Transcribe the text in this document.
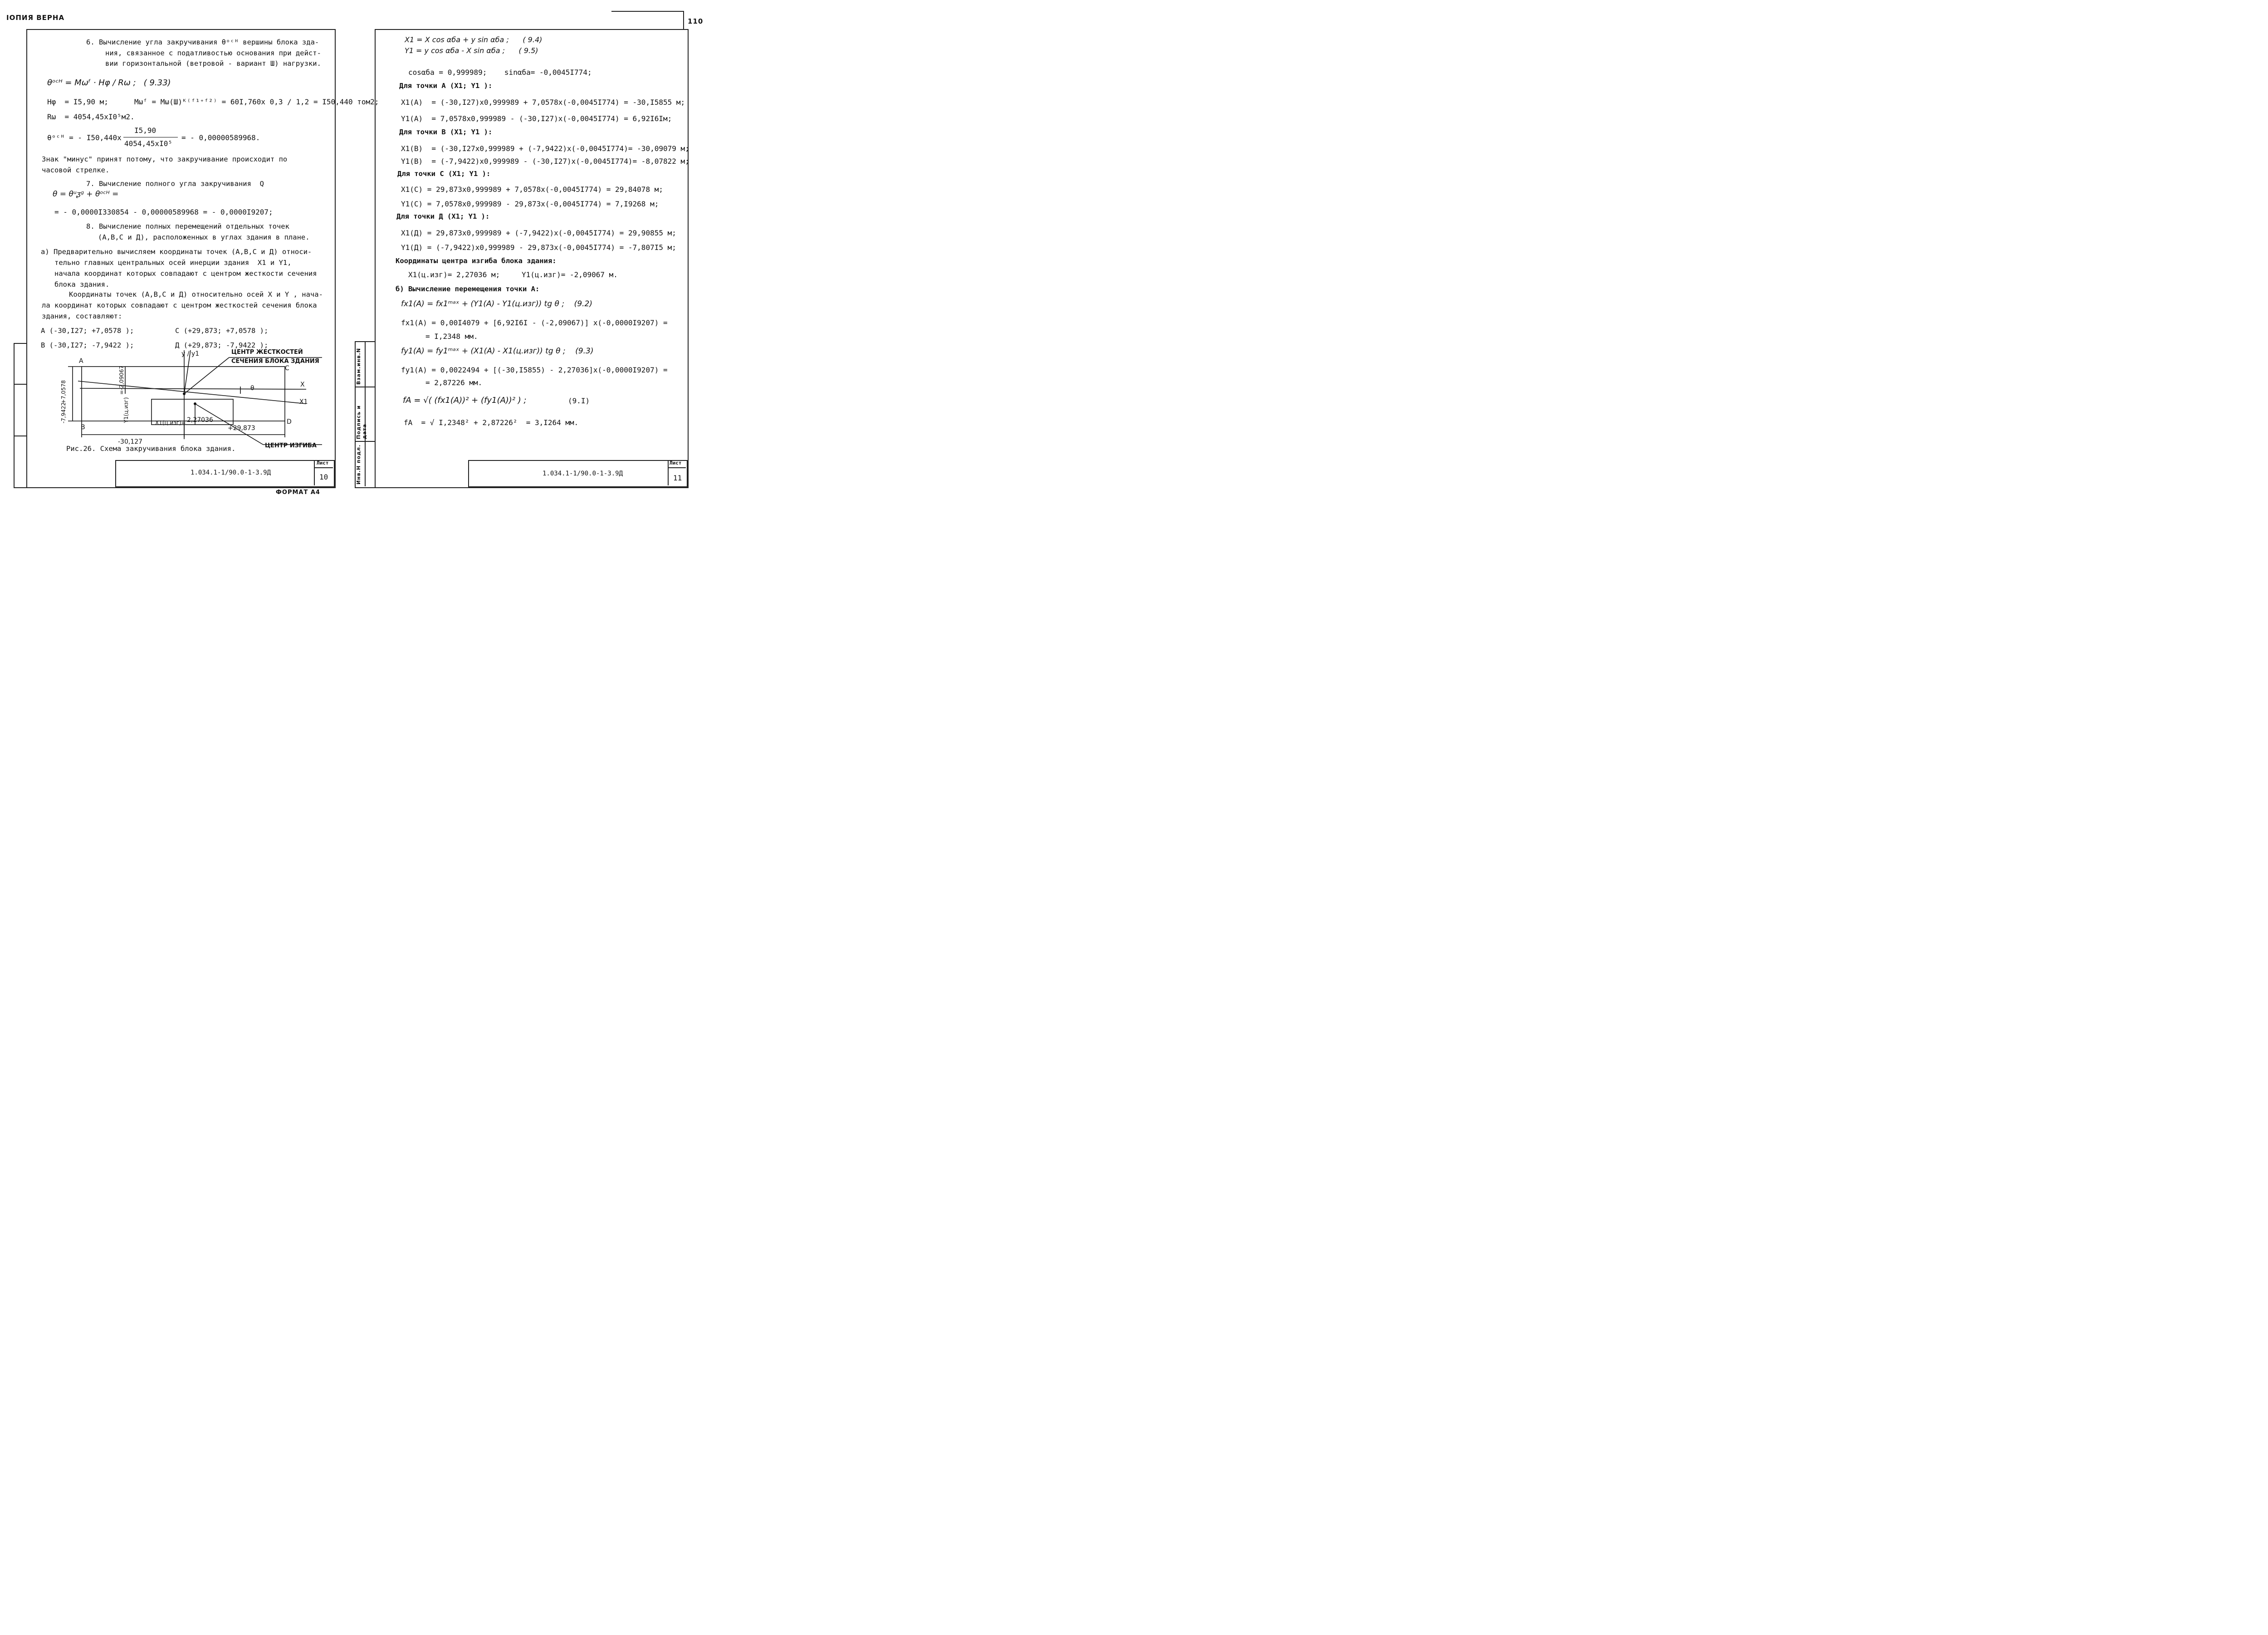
ІОПИЯ ВЕРНА	110
6. Вычисление угла закручивания θᵒᶜᴴ вершины блока зда-
ния, связанное с податливостью основания при дейст-
вии горизонтальной (ветровой - вариант Ш) нагрузки.
θᵒᶜᴴ = Mωᶠ · Hφ / Rω ;   ( 9.33)
Hφ  = I5,90 м;	Mωᶠ = Mω(Ш)ᴷ⁽ᶠ¹⁺ᶠ²⁾ = 60I,760x 0,3 / 1,2 = I50,440 том2;
Rω  = 4054,45xI0⁵м2.
θᵒᶜᴴ = - I50,440x
I5,90
4054,45xI0⁵
= - 0,00000589968.
Знак "минус" принят потому, что закручивание происходит по
часовой стрелке.
7. Вычисление полного угла закручивания  Q
θ = θᵘᶚᵍ + θᵒᶜᴴ =
= - 0,0000I330854 - 0,00000589968 = - 0,0000I9207;
8. Вычисление полных перемещений отдельных точек
(A,B,C и Д), расположенных в углах здания в плане.
а) Предварительно вычисляем координаты точек (A,B,C и Д) относи-
тельно главных центральных осей инерции здания  X1 и Y1,
начала координат которых совпадают с центром жесткости сечения
блока здания.
Координаты точек (A,B,C и Д) относительно осей X и Y , нача-
ла координат которых совпадают с центром жесткостей сечения блока
здания, составляют:
A (-30,I27; +7,0578 );	C (+29,873; +7,0578 );
B (-30,I27; -7,9422 );	Д (+29,873; -7,9422 );
ЦЕНТР ЖЕСТКОСТЕЙ
СЕЧЕНИЯ БЛОКА ЗДАНИЯ
ЦЕНТР ИЗГИБА
A
B
C
D
y / y1
X
X1
θ
-30,127
+29,873
2,27036
+7,0578
-7,9422
=-2,09067
Y1(ц.изг)	X1(ц.изг)=
Рис.26. Схема закручивания блока здания.
1.034.1-1/90.0-1-3.9Д
Лист
10
ФОРМАТ А4
Инв.Н подл.
Подпись и дата
Взам.инв.N
X1 = X cos αба + y sin αба ;      ( 9.4)
Y1 = y cos αба - X sin αба ;      ( 9.5)
cosαба = 0,999989;    sinαба= -0,0045I774;
Для точки A (X1; Y1 ):
X1(A)  = (-30,I27)x0,999989 + 7,0578x(-0,0045I774) = -30,I5855 м;
Y1(A)  = 7,0578x0,999989 - (-30,I27)x(-0,0045I774) = 6,92I6Iм;
Для точки B (X1; Y1 ):
X1(B)  = (-30,I27x0,999989 + (-7,9422)x(-0,0045I774)= -30,09079 м;
Y1(B)  = (-7,9422)x0,999989 - (-30,I27)x(-0,0045I774)= -8,07822 м;
Для точки C (X1; Y1 ):
X1(C) = 29,873x0,999989 + 7,0578x(-0,0045I774) = 29,84078 м;
Y1(C) = 7,0578x0,999989 - 29,873x(-0,0045I774) = 7,I9268 м;
Для точки Д (X1; Y1 ):
X1(Д) = 29,873x0,999989 + (-7,9422)x(-0,0045I774) = 29,90855 м;
Y1(Д) = (-7,9422)x0,999989 - 29,873x(-0,0045I774) = -7,807I5 м;
Координаты центра изгиба блока здания:
X1(ц.изг)= 2,27036 м;	Y1(ц.изг)= -2,09067 м.
б) Вычисление перемещения точки A:
fx1(A) = fx1ᵐᵃˣ + (Y1(A) - Y1(ц.изг)) tg θ ;    (9.2)
fx1(A) = 0,00I4079 + [6,92I6I - (-2,09067)] x(-0,0000I9207) =
= I,2348 мм.
fy1(A) = fy1ᵐᵃˣ + (X1(A) - X1(ц.изг)) tg θ ;    (9.3)
fy1(A) = 0,0022494 + [(-30,I5855) - 2,27036]x(-0,0000I9207) =
= 2,87226 мм.
fA = √( (fx1(A))² + (fy1(A))² ) ;	(9.I)
fA  = √ I,2348² + 2,87226²  = 3,I264 мм.
1.034.1-1/90.0-1-3.9Д
Лист
11
